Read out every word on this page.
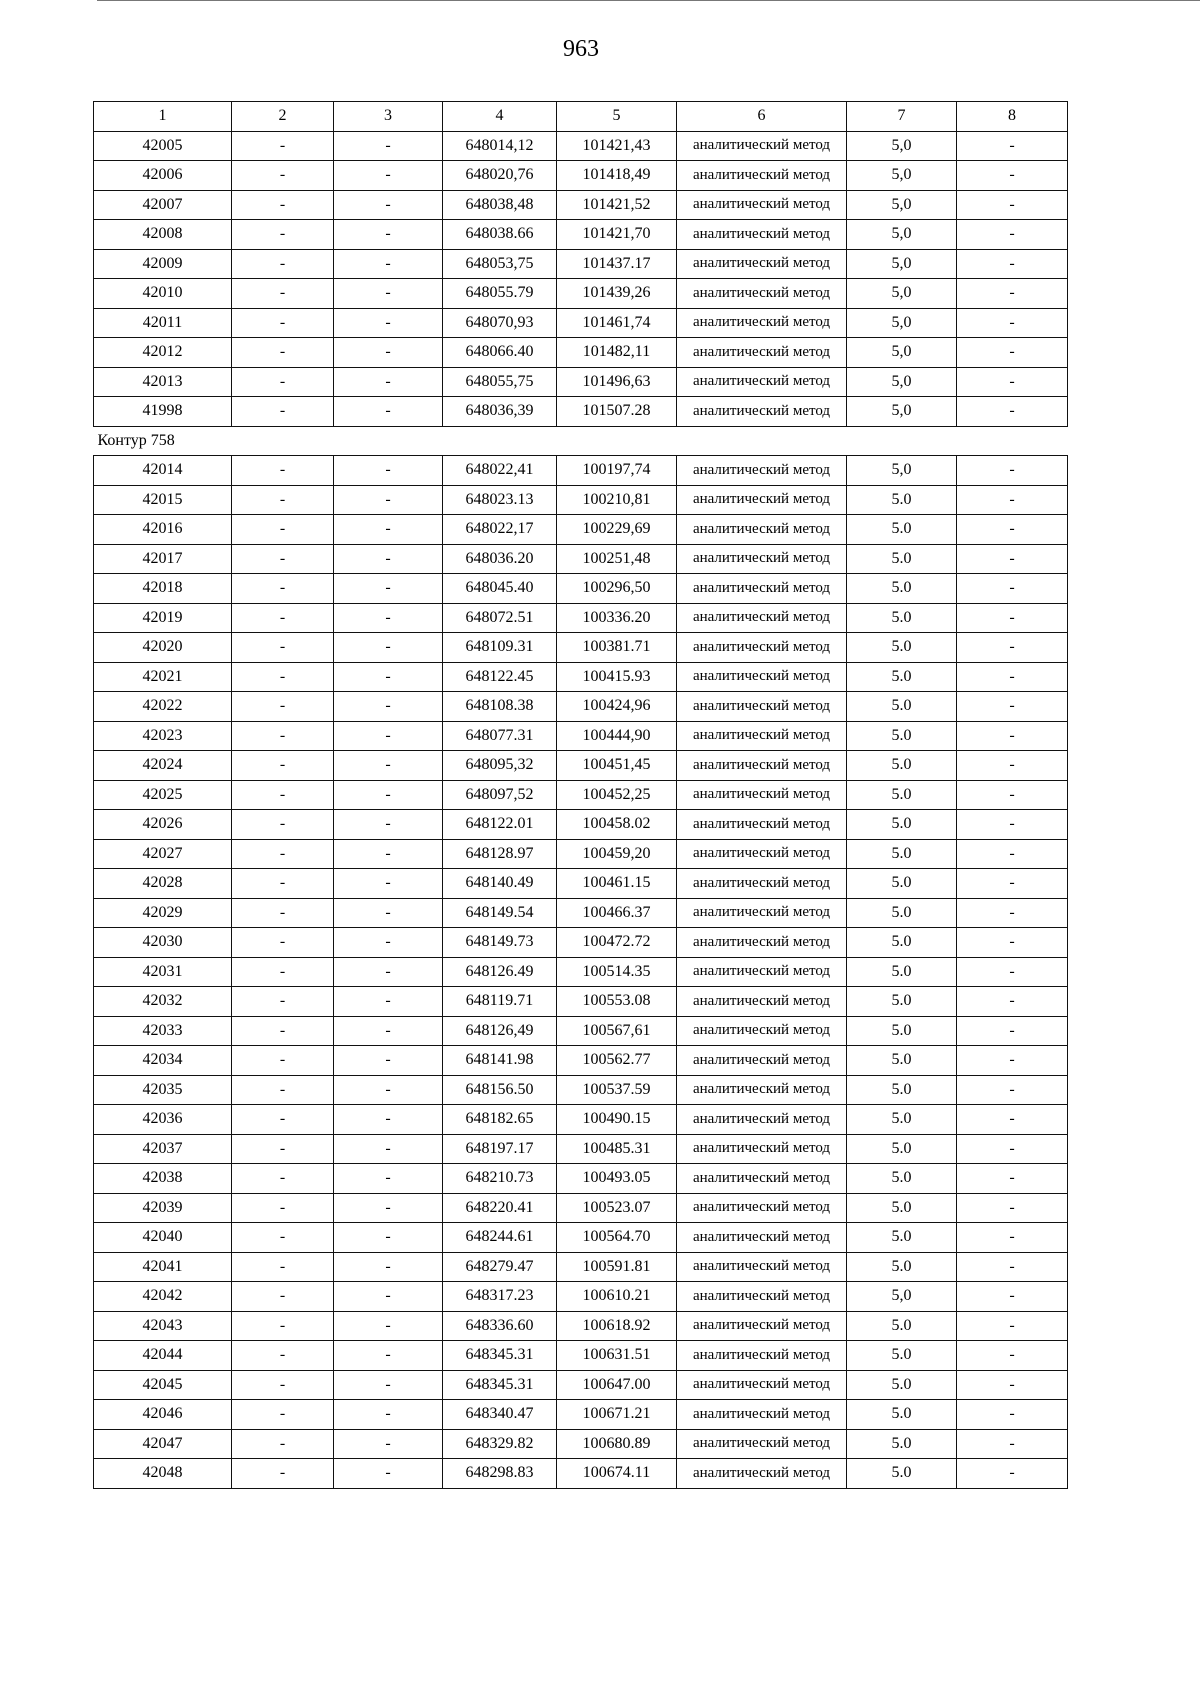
963
1	2	3	4	5	6	7	8
42005	-	-	648014,12	101421,43	аналитический метод	5,0	-
42006	-	-	648020,76	101418,49	аналитический метод	5,0	-
42007	-	-	648038,48	101421,52	аналитический метод	5,0	-
42008	-	-	648038.66	101421,70	аналитический метод	5,0	-
42009	-	-	648053,75	101437.17	аналитический метод	5,0	-
42010	-	-	648055.79	101439,26	аналитический метод	5,0	-
42011	-	-	648070,93	101461,74	аналитический метод	5,0	-
42012	-	-	648066.40	101482,11	аналитический метод	5,0	-
42013	-	-	648055,75	101496,63	аналитический метод	5,0	-
41998	-	-	648036,39	101507.28	аналитический метод	5,0	-
Контур 758							
42014	-	-	648022,41	100197,74	аналитический метод	5,0	-
42015	-	-	648023.13	100210,81	аналитический метод	5.0	-
42016	-	-	648022,17	100229,69	аналитический метод	5.0	-
42017	-	-	648036.20	100251,48	аналитический метод	5.0	-
42018	-	-	648045.40	100296,50	аналитический метод	5.0	-
42019	-	-	648072.51	100336.20	аналитический метод	5.0	-
42020	-	-	648109.31	100381.71	аналитический метод	5.0	-
42021	-	-	648122.45	100415.93	аналитический метод	5.0	-
42022	-	-	648108.38	100424,96	аналитический метод	5.0	-
42023	-	-	648077.31	100444,90	аналитический метод	5.0	-
42024	-	-	648095,32	100451,45	аналитический метод	5.0	-
42025	-	-	648097,52	100452,25	аналитический метод	5.0	-
42026	-	-	648122.01	100458.02	аналитический метод	5.0	-
42027	-	-	648128.97	100459,20	аналитический метод	5.0	-
42028	-	-	648140.49	100461.15	аналитический метод	5.0	-
42029	-	-	648149.54	100466.37	аналитический метод	5.0	-
42030	-	-	648149.73	100472.72	аналитический метод	5.0	-
42031	-	-	648126.49	100514.35	аналитический метод	5.0	-
42032	-	-	648119.71	100553.08	аналитический метод	5.0	-
42033	-	-	648126,49	100567,61	аналитический метод	5.0	-
42034	-	-	648141.98	100562.77	аналитический метод	5.0	-
42035	-	-	648156.50	100537.59	аналитический метод	5.0	-
42036	-	-	648182.65	100490.15	аналитический метод	5.0	-
42037	-	-	648197.17	100485.31	аналитический метод	5.0	-
42038	-	-	648210.73	100493.05	аналитический метод	5.0	-
42039	-	-	648220.41	100523.07	аналитический метод	5.0	-
42040	-	-	648244.61	100564.70	аналитический метод	5.0	-
42041	-	-	648279.47	100591.81	аналитический метод	5.0	-
42042	-	-	648317.23	100610.21	аналитический метод	5,0	-
42043	-	-	648336.60	100618.92	аналитический метод	5.0	-
42044	-	-	648345.31	100631.51	аналитический метод	5.0	-
42045	-	-	648345.31	100647.00	аналитический метод	5.0	-
42046	-	-	648340.47	100671.21	аналитический метод	5.0	-
42047	-	-	648329.82	100680.89	аналитический метод	5.0	-
42048	-	-	648298.83	100674.11	аналитический метод	5.0	-
